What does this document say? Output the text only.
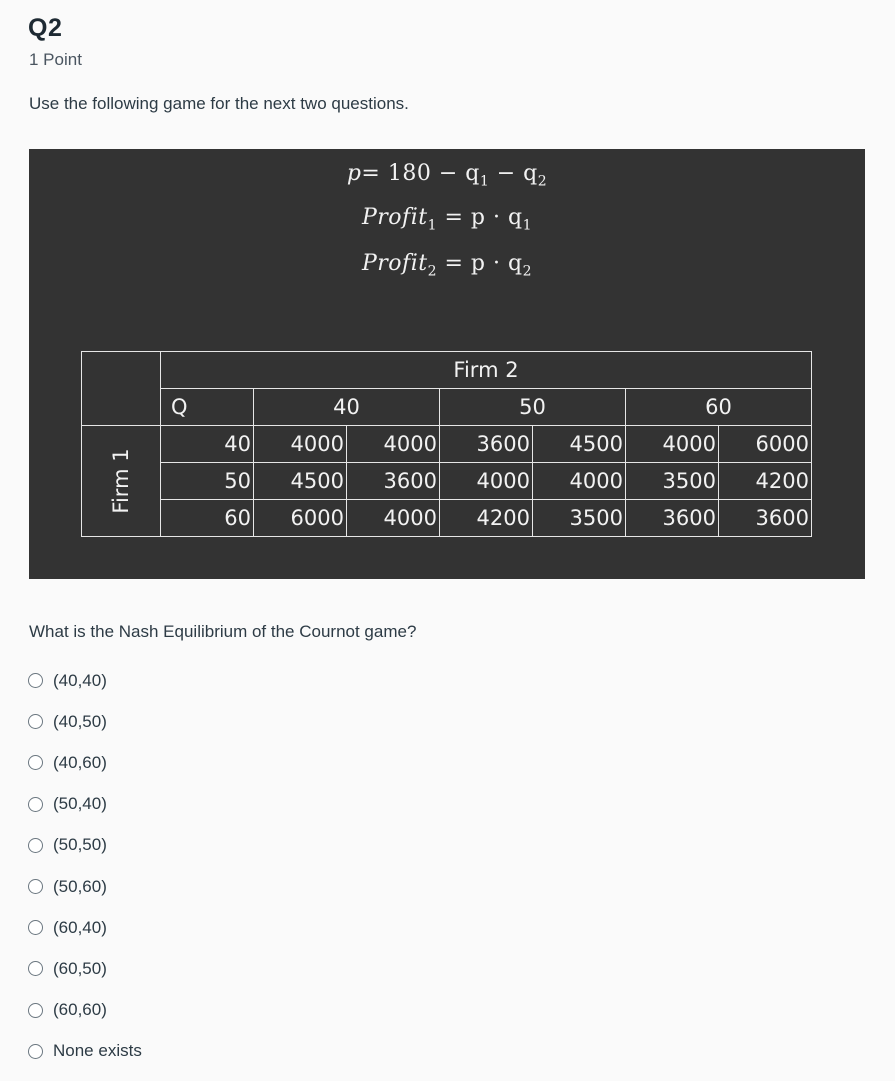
Q2
1 Point
Use the following game for the next two questions.
$p= 180 - q_1 - q_2$
Profit$_1$ = $p \cdot q_1$
Profit$_2$ = $p \cdot q_2$
	Firm 2						
	Q	40		50		60	

Firm 1	40	4000	4000	3600	4500	4000	6000
	50	4500	3600	4000	4000	3500	4200
	60	6000	4000	4200	3500	3600	3600
What is the Nash Equilibrium of the Cournot game?
(40,40)
(40,50)
(40,60)
(50,40)
(50,50)
(50,60)
(60,40)
(60,50)
(60,60)
None exists
